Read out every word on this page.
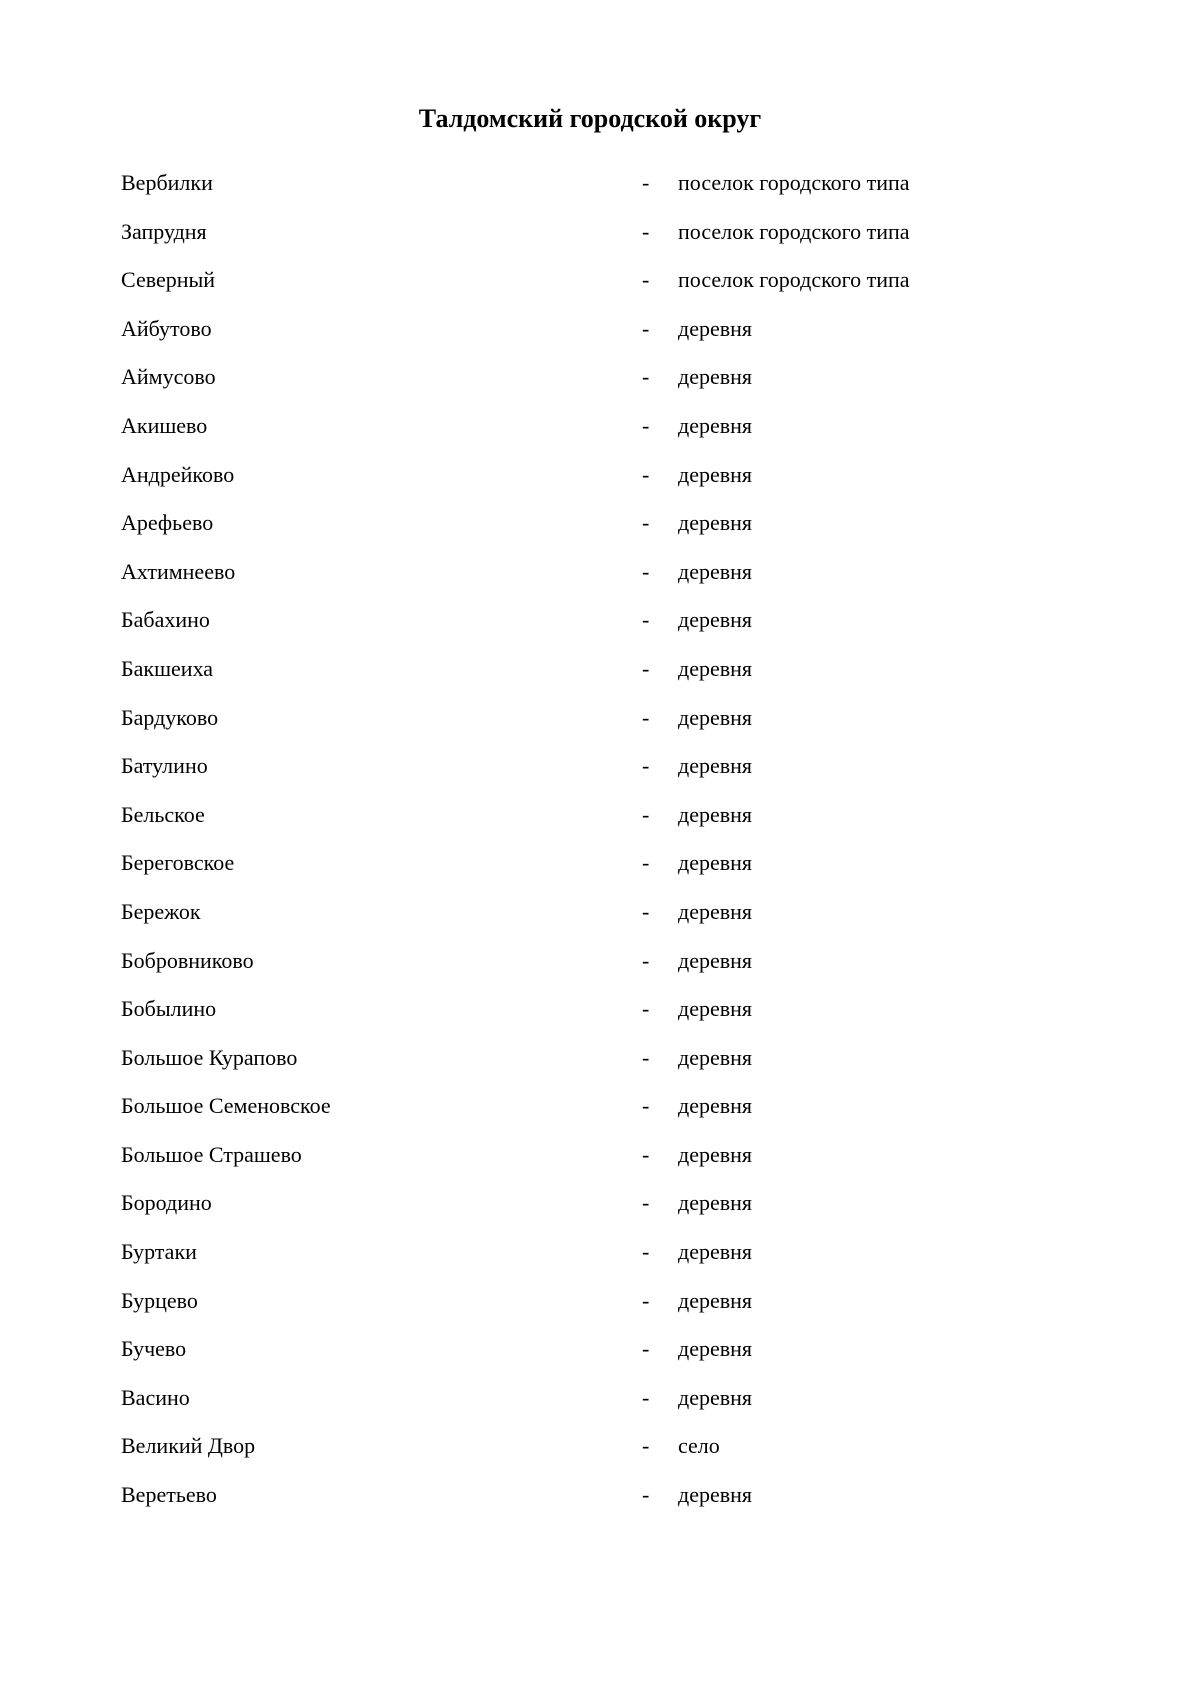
Талдомский городской округ
Вербилки	- поселок городского типа
Запрудня	- поселок городского типа
Северный	- поселок городского типа
Айбутово	- деревня
Аймусово	- деревня
Акишево	- деревня
Андрейково	- деревня
Арефьево	- деревня
Ахтимнеево	- деревня
Бабахино	- деревня
Бакшеиха	- деревня
Бардуково	- деревня
Батулино	- деревня
Бельское	- деревня
Береговское	- деревня
Бережок	- деревня
Бобровниково	- деревня
Бобылино	- деревня
Большое Курапово	- деревня
Большое Семеновское	- деревня
Большое Страшево	- деревня
Бородино	- деревня
Буртаки	- деревня
Бурцево	- деревня
Бучево	- деревня
Васино	- деревня
Великий Двор	- село
Веретьево	- деревня
